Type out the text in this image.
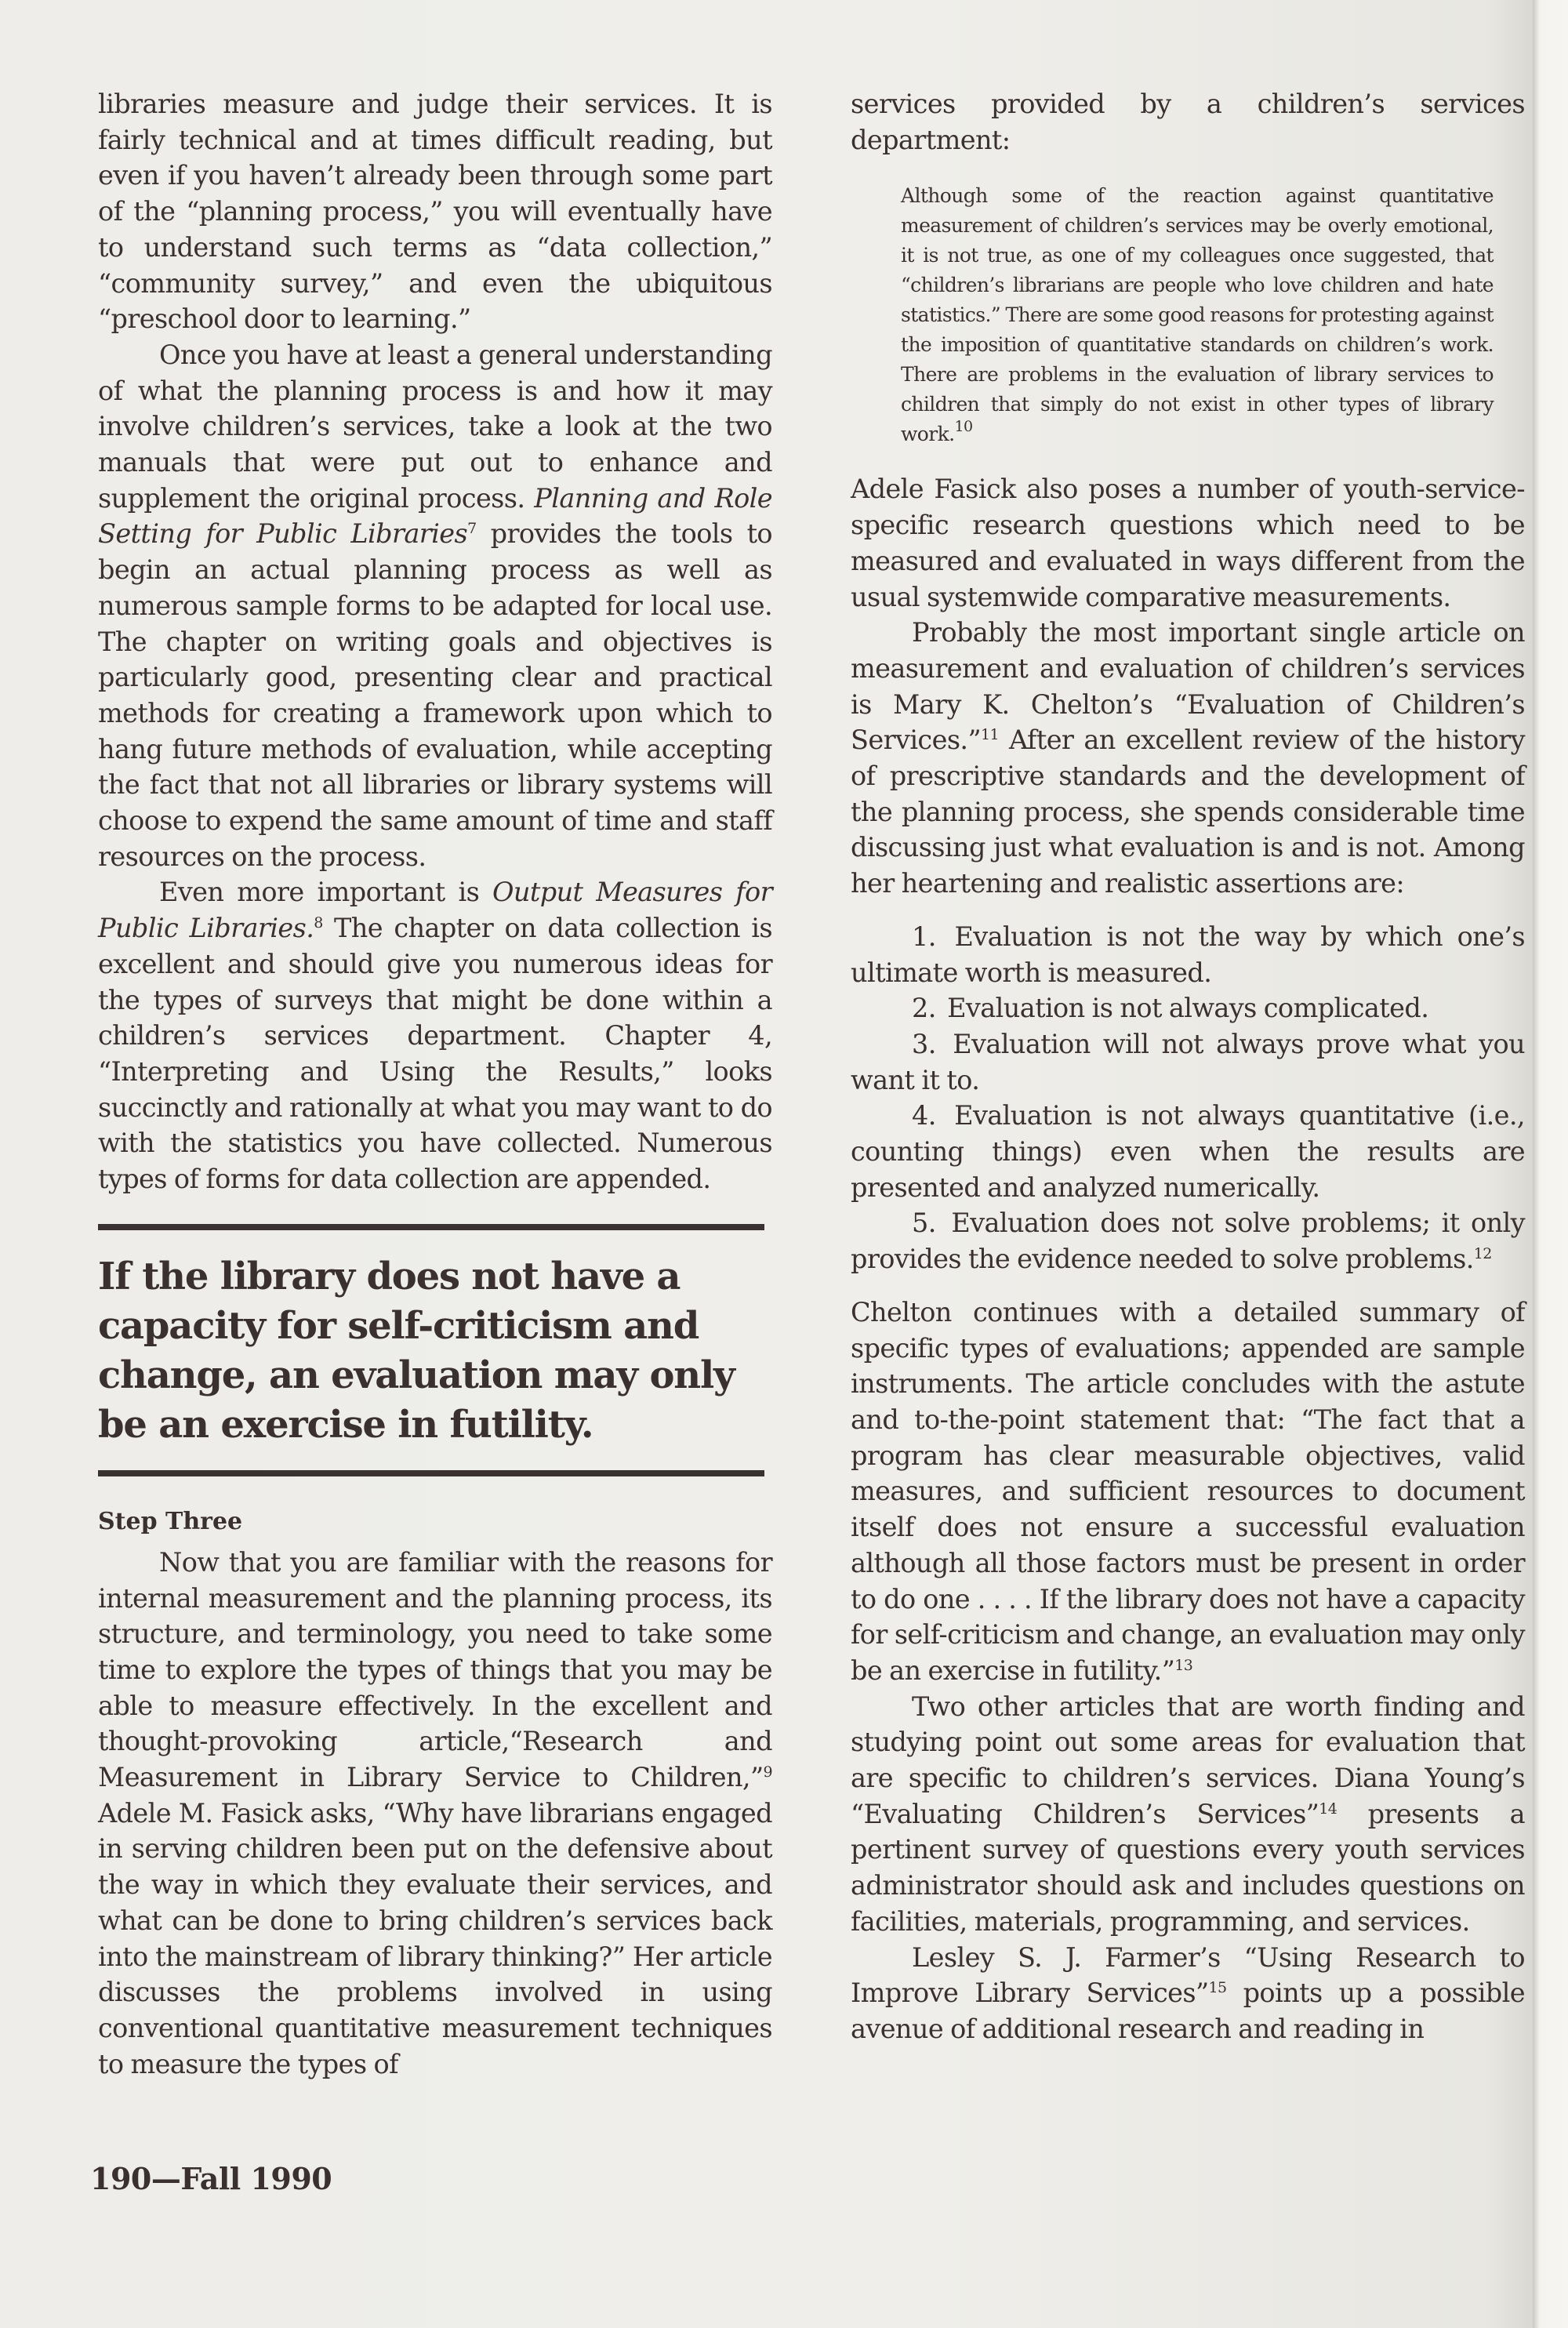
libraries measure and judge their services. It is fairly technical and at times difficult reading, but even if you haven’t already been through some part of the “planning process,” you will eventually have to understand such terms as “data collection,” “community survey,” and even the ubiquitous “preschool door to learning.”

Once you have at least a general understanding of what the planning process is and how it may involve children’s services, take a look at the two manuals that were put out to enhance and supplement the original process. Planning and Role Setting for Public Libraries$^7$ provides the tools to begin an actual planning process as well as numerous sample forms to be adapted for local use. The chapter on writing goals and objectives is particularly good, presenting clear and practical methods for creating a framework upon which to hang future methods of evaluation, while accepting the fact that not all libraries or library systems will choose to expend the same amount of time and staff resources on the process.

Even more important is Output Measures for Public Libraries.$^8$ The chapter on data collection is excellent and should give you numerous ideas for the types of surveys that might be done within a children’s services department. Chapter 4, “Interpreting and Using the Results,” looks succinctly and rationally at what you may want to do with the statistics you have collected. Numerous types of forms for data collection are appended.

If the library does not have a capacity for self-criticism and change, an evaluation may only be an exercise in futility.
Step Three

Now that you are familiar with the reasons for internal measurement and the planning process, its structure, and terminology, you need to take some time to explore the types of things that you may be able to measure effectively. In the excellent and thought-provoking article,“Research and Measurement in Library Service to Children,”$^9$ Adele M. Fasick asks, “Why have librarians engaged in serving children been put on the defensive about the way in which they evaluate their services, and what can be done to bring children’s services back into the mainstream of library thinking?” Her article discusses the problems involved in using conventional quantitative measurement techniques to measure the types of

services provided by a children’s services department:

Although some of the reaction against quantitative measurement of children’s services may be overly emotional, it is not true, as one of my colleagues once suggested, that “children’s librarians are people who love children and hate statistics.” There are some good reasons for protesting against the imposition of quantitative standards on children’s work. There are problems in the evaluation of library services to children that simply do not exist in other types of library work.$^{10}$

Adele Fasick also poses a number of youth-service-specific research questions which need to be measured and evaluated in ways different from the usual systemwide comparative measurements.

Probably the most important single article on measurement and evaluation of children’s services is Mary K. Chelton’s “Evaluation of Children’s Services.”$^{11}$ After an excellent review of the history of prescriptive standards and the development of the planning process, she spends considerable time discussing just what evaluation is and is not. Among her heartening and realistic assertions are:

1. Evaluation is not the way by which one’s ultimate worth is measured.

2. Evaluation is not always complicated.

3. Evaluation will not always prove what you want it to.

4. Evaluation is not always quantitative (i.e., counting things) even when the results are presented and analyzed numerically.

5. Evaluation does not solve problems; it only provides the evidence needed to solve problems.$^{12}$

Chelton continues with a detailed summary of specific types of evaluations; appended are sample instruments. The article concludes with the astute and to-the-point statement that: “The fact that a program has clear measurable objectives, valid measures, and sufficient resources to document itself does not ensure a successful evaluation although all those factors must be present in order to do one . . . . If the library does not have a capacity for self-criticism and change, an evaluation may only be an exercise in futility.”$^{13}$

Two other articles that are worth finding and studying point out some areas for evaluation that are specific to children’s services. Diana Young’s “Evaluating Children’s Services”$^{14}$ presents a pertinent survey of questions every youth services administrator should ask and includes questions on facilities, materials, programming, and services.

Lesley S. J. Farmer’s “Using Research to Improve Library Services”$^{15}$ points up a possible avenue of additional research and reading in

190—Fall 1990
